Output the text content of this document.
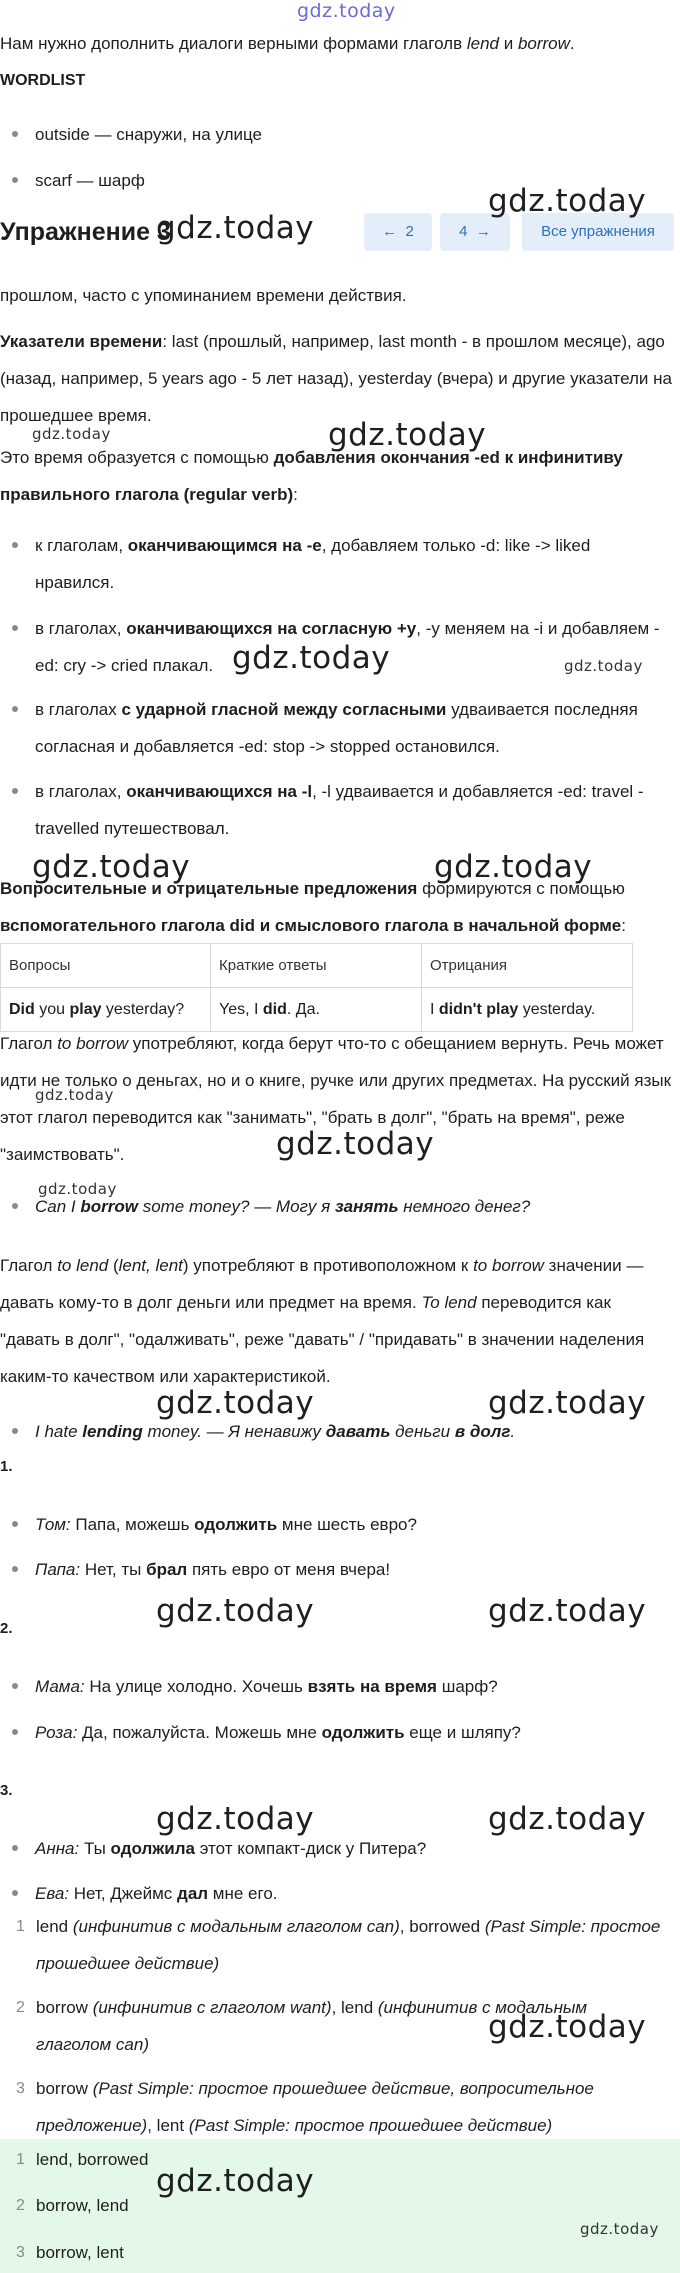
gdz.today
Нам нужно дополнить диалоги верными формами глаголв lend и borrow.
WORDLIST
outside — снаружи, на улице
scarf — шарф
Упражнение 3	← 2	4 →	Все упражнения
прошлом, часто с упоминанием времени действия.
Указатели времени: last (прошлый, например, last month - в прошлом месяце), ago (назад, например, 5 years ago - 5 лет назад), yesterday (вчера) и другие указатели на прошедшее время.
Это время образуется с помощью добавления окончания -ed к инфинитиву правильного глагола (regular verb):
к глаголам, оканчивающимся на -е, добавляем только -d: like -> liked нравился.
в глаголах, оканчивающихся на согласную +у, -у меняем на -i и добавляем -ed: cry -> cried плакал.
в глаголах с ударной гласной между согласными удваивается последняя согласная и добавляется -ed: stop -> stopped остановился.
в глаголах, оканчивающихся на -l, -l удваивается и добавляется -ed: travel - travelled путешествовал.
Вопросительные и отрицательные предложения формируются с помощью вспомогательного глагола did и смыслового глагола в начальной форме:
Вопросы	Краткие ответы	Отрицания
Did you play yesterday?	Yes, I did. Да.	I didn't play yesterday.
Глагол to borrow употребляют, когда берут что-то с обещанием вернуть. Речь может идти не только о деньгах, но и о книге, ручке или других предметах. На русский язык этот глагол переводится как "занимать", "брать в долг", "брать на время", реже "заимствовать".
Can I borrow some money? — Могу я занять немного денег?
Глагол to lend (lent, lent) употребляют в противоположном к to borrow значении — давать кому-то в долг деньги или предмет на время. To lend переводится как "давать в долг", "одалживать", реже "давать" / "придавать" в значении наделения каким-то качеством или характеристикой.
I hate lending money. — Я ненавижу давать деньги в долг.
1.
Том: Папа, можешь одолжить мне шесть евро?
Папа: Нет, ты брал пять евро от меня вчера!
2.
Мама: На улице холодно. Хочешь взять на время шарф?
Роза: Да, пожалуйста. Можешь мне одолжить еще и шляпу?
3.
Анна: Ты одолжила этот компакт-диск у Питера?
Ева: Нет, Джеймс дал мне его.
1 lend (инфинитив с модальным глаголом can), borrowed (Past Simple: простое прошедшее действие)
2 borrow (инфинитив с глаголом want), lend (инфинитив с модальным глаголом can)
3 borrow (Past Simple: простое прошедшее действие, вопросительное предложение), lent (Past Simple: простое прошедшее действие)
1 lend, borrowed
2 borrow, lend
3 borrow, lent
gdz.today
gdz.today
gdz.today	gdz.today
gdz.today	gdz.today
gdz.today	gdz.today
gdz.today
gdz.today
gdz.today
gdz.today	gdz.today
gdz.today	gdz.today
gdz.today	gdz.today
gdz.today
gdz.today
gdz.today
